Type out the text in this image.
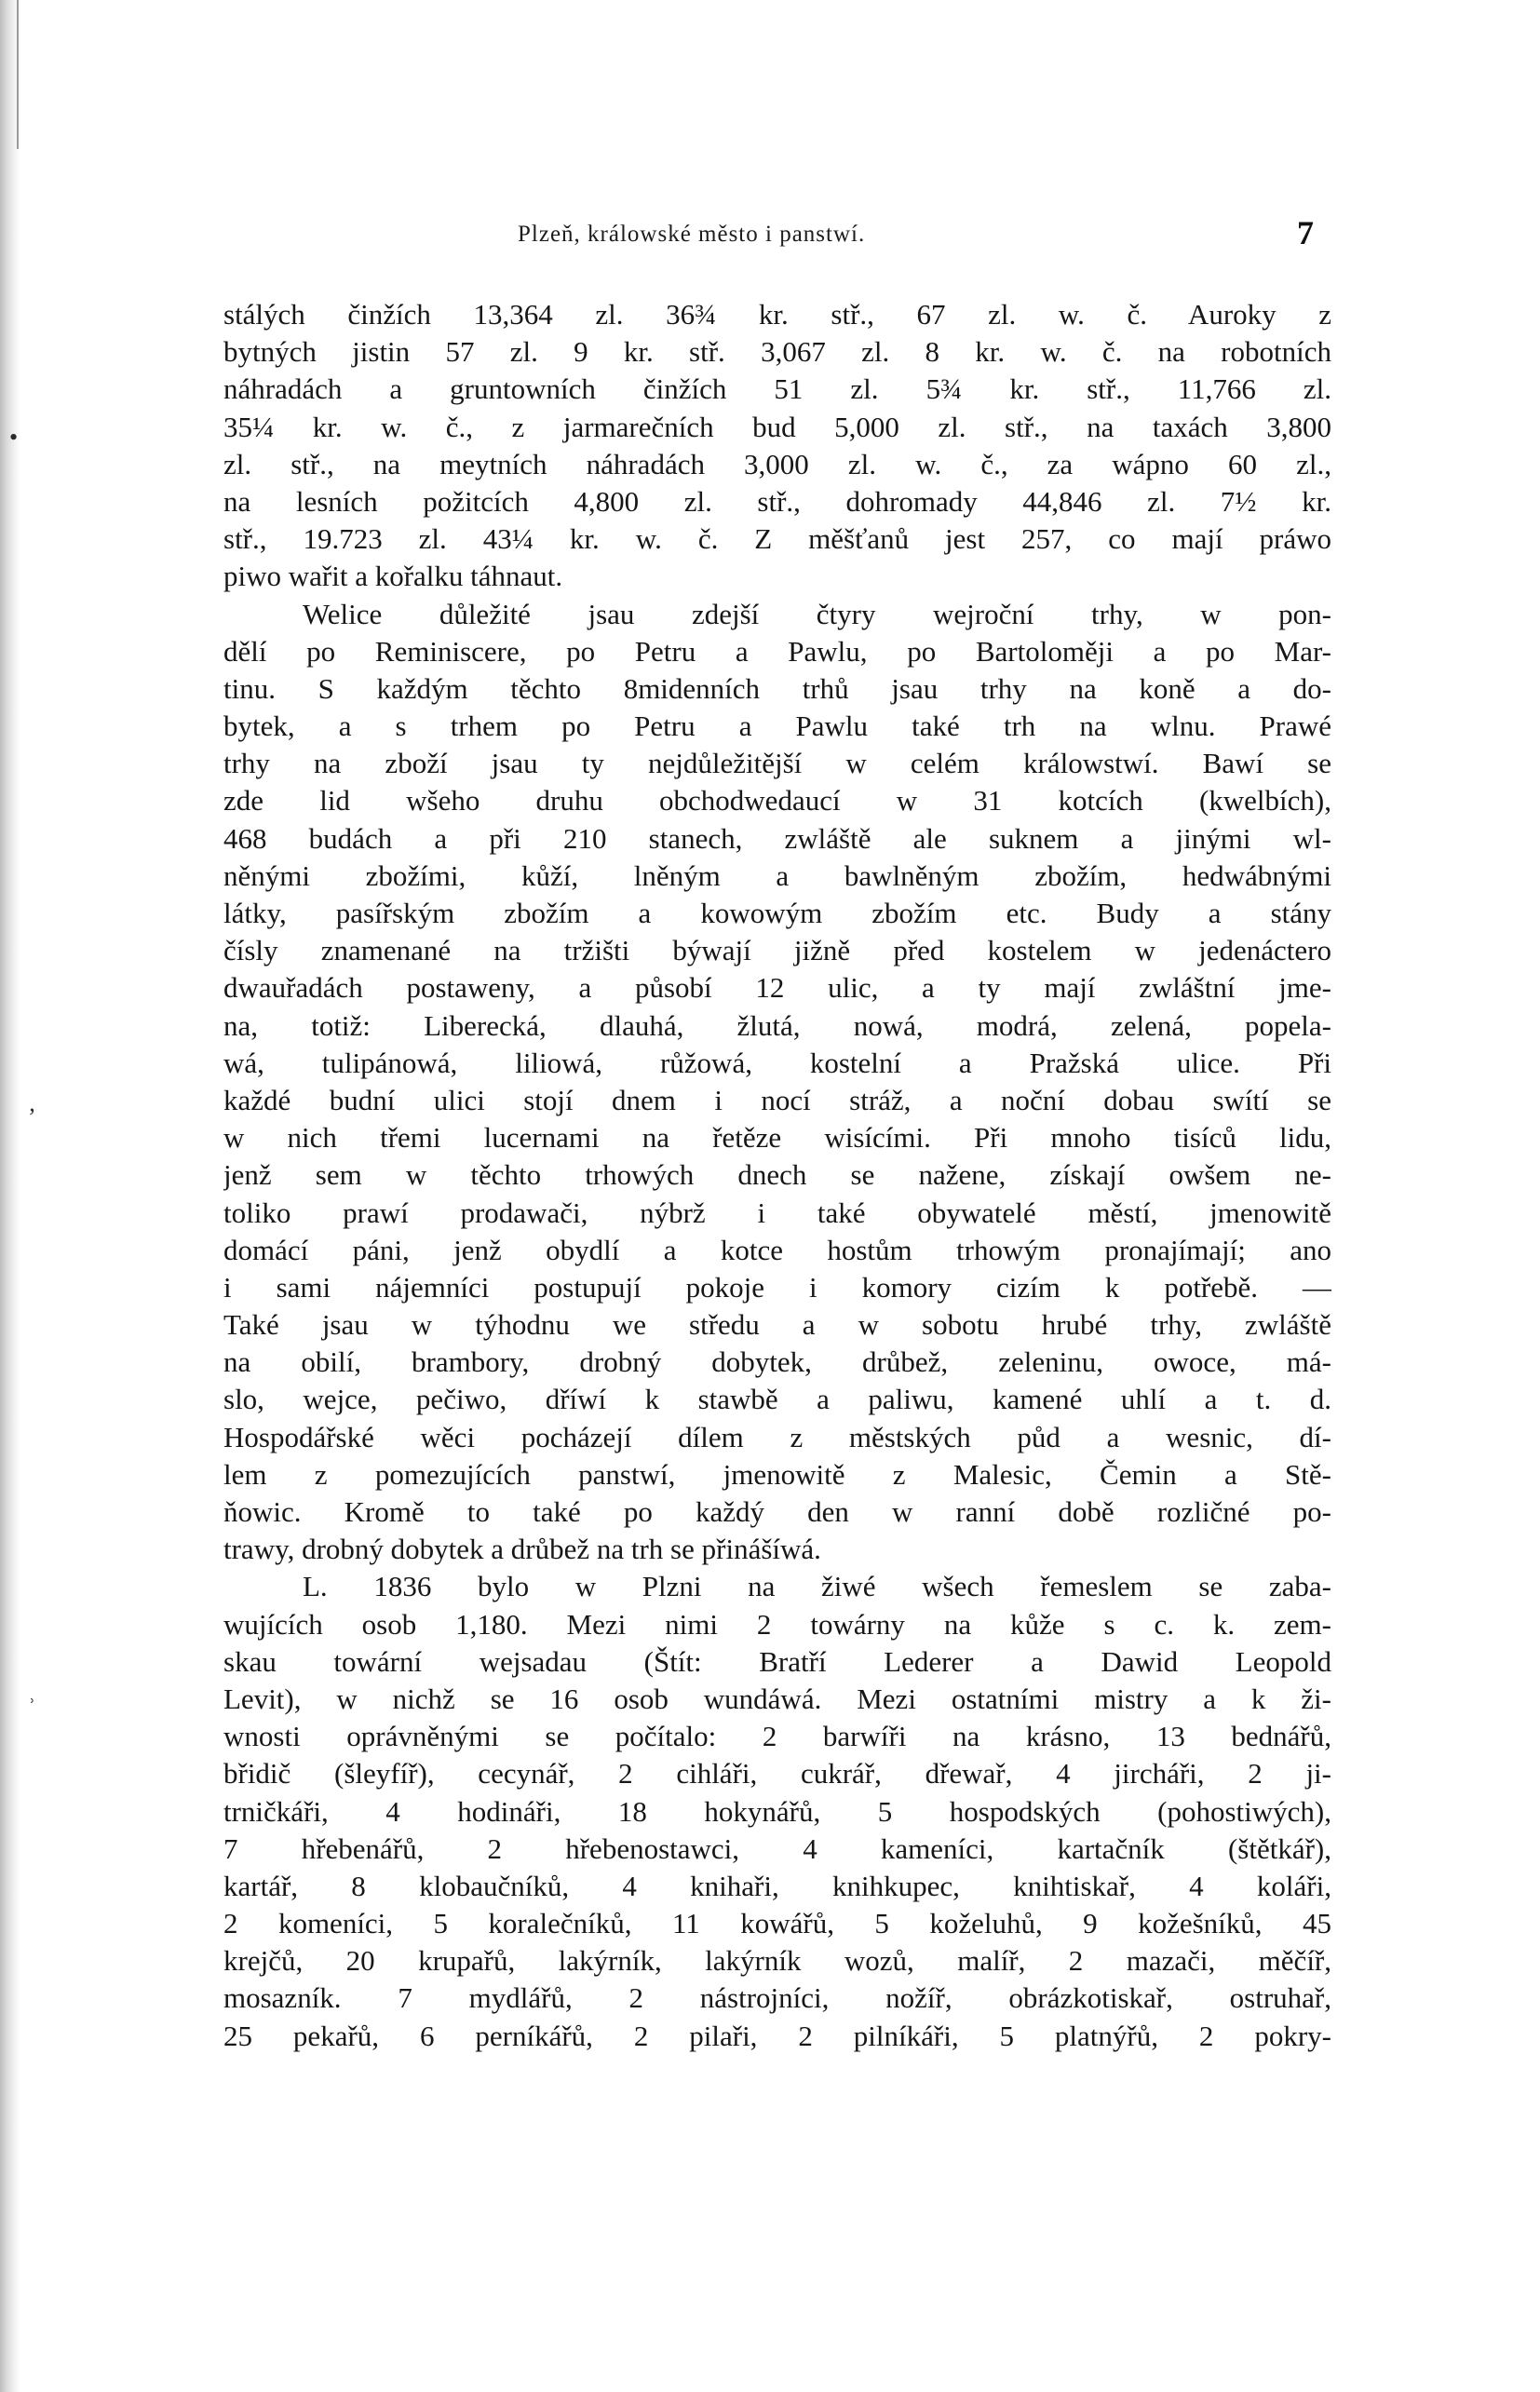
Plzeň, králowské město i panstwí.	7
•
ʼ
ʾ
stálých činžích 13,364 zl. 36¾ kr. stř., 67 zl. w. č. Auroky z
bytných jistin 57 zl. 9 kr. stř. 3,067 zl. 8 kr. w. č. na robotních
náhradách a gruntowních činžích 51 zl. 5¾ kr. stř., 11,766 zl.
35¼ kr. w. č., z jarmarečních bud 5,000 zl. stř., na taxách 3,800
zl. stř., na meytních náhradách 3,000 zl. w. č., za wápno 60 zl.,
na lesních požitcích 4,800 zl. stř., dohromady 44,846 zl. 7½ kr.
stř., 19.723 zl. 43¼ kr. w. č. Z měšťanů jest 257, co mají práwo
piwo wařit a kořalku táhnaut.
Welice důležité jsau zdejší čtyry wejroční trhy, w pon-
dělí po Reminiscere, po Petru a Pawlu, po Bartoloměji a po Mar-
tinu. S každým těchto 8midenních trhů jsau trhy na koně a do-
bytek, a s trhem po Petru a Pawlu také trh na wlnu. Prawé
trhy na zboží jsau ty nejdůležitější w celém králowstwí. Bawí se
zde lid wšeho druhu obchodwedaucí w 31 kotcích (kwelbích),
468 budách a při 210 stanech, zwláště ale suknem a jinými wl-
něnými zbožími, kůží, lněným a bawlněným zbožím, hedwábnými
látky, pasířským zbožím a kowowým zbožím etc. Budy a stány
čísly znamenané na tržišti býwají jižně před kostelem w jedenáctero
dwauřadách postaweny, a působí 12 ulic, a ty mají zwláštní jme-
na, totiž: Liberecká, dlauhá, žlutá, nowá, modrá, zelená, popela-
wá, tulipánowá, liliowá, růžowá, kostelní a Pražská ulice. Při
každé budní ulici stojí dnem i nocí stráž, a noční dobau swítí se
w nich třemi lucernami na řetěze wisícími. Při mnoho tisíců lidu,
jenž sem w těchto trhowých dnech se nažene, získají owšem ne-
toliko prawí prodawači, nýbrž i také obywatelé městí, jmenowitě
domácí páni, jenž obydlí a kotce hostům trhowým pronajímají; ano
i sami nájemníci postupují pokoje i komory cizím k potřebě. —
Také jsau w týhodnu we středu a w sobotu hrubé trhy, zwláště
na obilí, brambory, drobný dobytek, drůbež, zeleninu, owoce, má-
slo, wejce, pečiwo, dříwí k stawbě a paliwu, kamené uhlí a t. d.
Hospodářské wěci pocházejí dílem z městských půd a wesnic, dí-
lem z pomezujících panstwí, jmenowitě z Malesic, Čemin a Stě-
ňowic. Kromě to také po každý den w ranní době rozličné po-
trawy, drobný dobytek a drůbež na trh se přinášíwá.
L. 1836 bylo w Plzni na žiwé wšech řemeslem se zaba-
wujících osob 1,180. Mezi nimi 2 towárny na kůže s c. k. zem-
skau towární wejsadau (Štít: Bratří Lederer a Dawid Leopold
Levit), w nichž se 16 osob wundáwá. Mezi ostatními mistry a k ži-
wnosti oprávněnými se počítalo: 2 barwíři na krásno, 13 bednářů,
břidič (šleyfíř), cecynář, 2 cihláři, cukrář, dřewař, 4 jircháři, 2 ji-
trničkáři, 4 hodináři, 18 hokynářů, 5 hospodských (pohostiwých),
7 hřebenářů, 2 hřebenostawci, 4 kameníci, kartačník (štětkář),
kartář, 8 klobaučníků, 4 knihaři, knihkupec, knihtiskař, 4 koláři,
2 komeníci, 5 koralečníků, 11 kowářů, 5 koželuhů, 9 kožešníků, 45
krejčů, 20 krupařů, lakýrník, lakýrník wozů, malíř, 2 mazači, měčíř,
mosazník. 7 mydlářů, 2 nástrojníci, nožíř, obrázkotiskař, ostruhař,
25 pekařů, 6 perníkářů, 2 pilaři, 2 pilníkáři, 5 platnýřů, 2 pokry-
